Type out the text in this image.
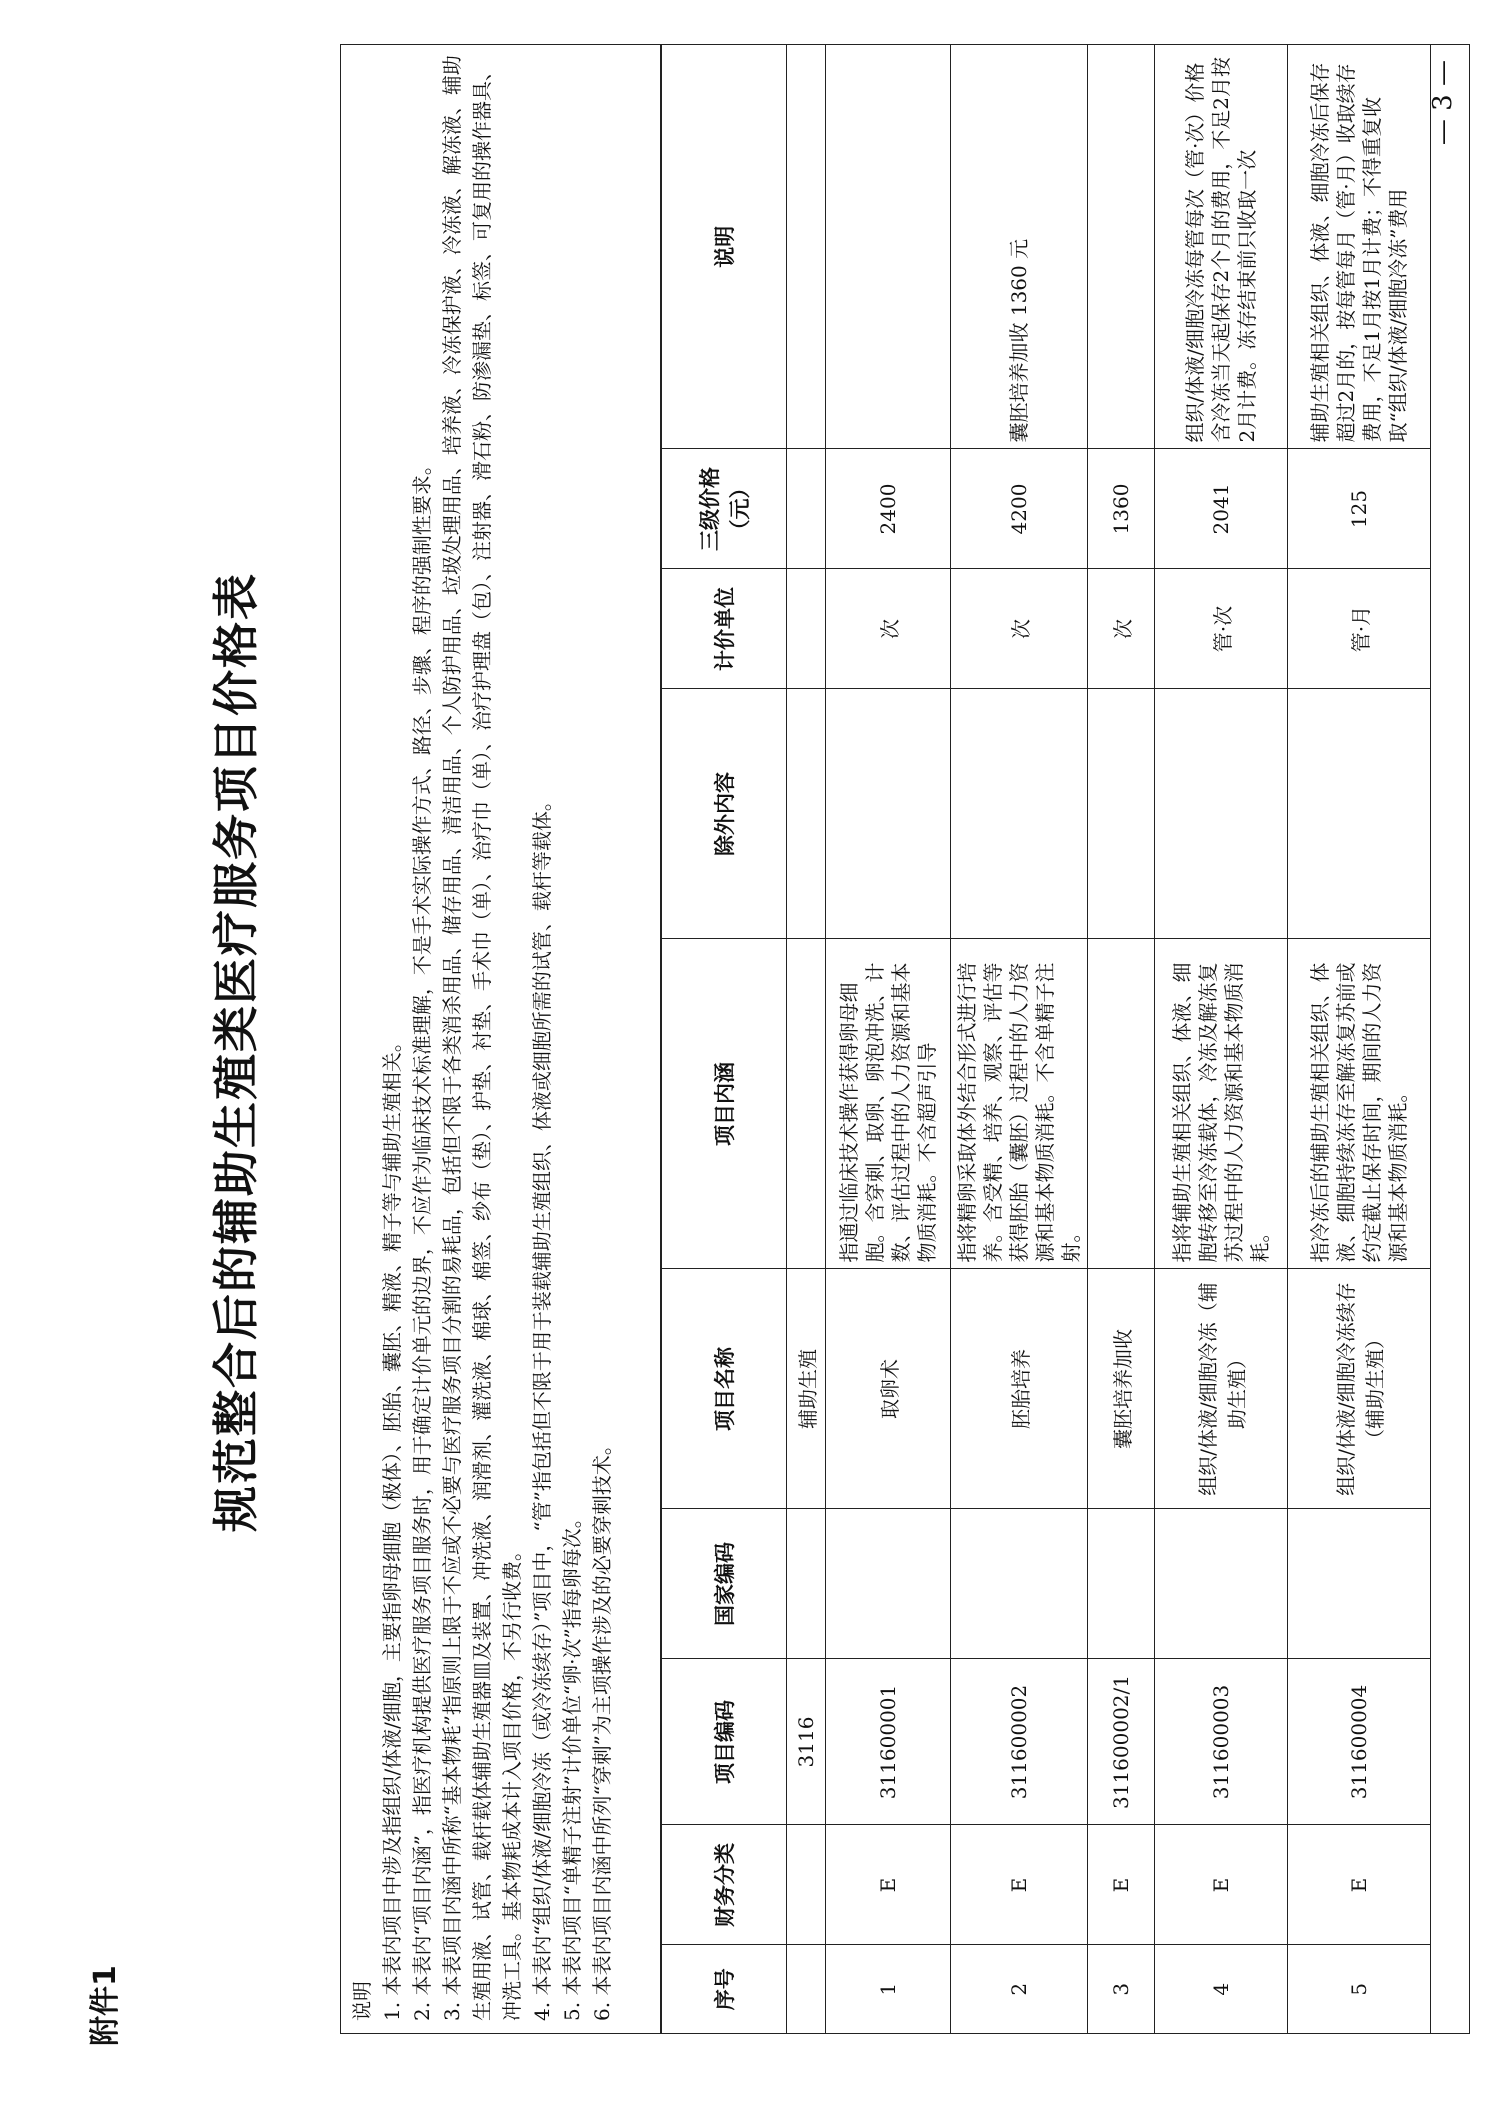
附件1
规范整合后的辅助生殖类医疗服务项目价格表
说明 1. 本表内项目中涉及指组织/体液/细胞，主要指卵母细胞（极体）、胚胎、囊胚、精液、精子等与辅助生殖相关。 2. 本表内“项目内涵”，指医疗机构提供医疗服务项目服务时，用于确定计价单元的边界，不应作为临床技术标准理解，不是手术实际操作方式、路径、步骤、程序的强制性要求。 3. 本表项目内涵中所称“基本物耗”指原则上限于不应或不必要与医疗服务项目分割的易耗品，包括但不限于各类消杀用品、储存用品、清洁用品、个人防护用品、垃圾处理用品、培养液、冷冻保护液、冷冻液、解冻液、辅助生殖用液、试管、载杆载体辅助生殖器皿及装置、冲洗液、润滑剂、灌洗液、棉球、棉签、纱布（垫）、护垫、衬垫、手术巾（单）、治疗巾（单）、治疗护理盘（包）、注射器、滑石粉、防渗漏垫、标签、可复用的操作器具、冲洗工具。基本物耗成本计入项目价格，不另行收费。 4. 本表内“组织/体液/细胞冷冻（或冷冻续存）”项目中，“管”指包括但不限于用于装载辅助生殖组织、体液或细胞所需的试管、载杆等载体。 5. 本表内项目“单精子注射”计价单位“卵·次”指每卵每次。 6. 本表内项目内涵中所列“穿刺”为主项操作涉及的必要穿刺技术。	序号	财务分类	项目编码	国家编码	项目名称	项目内涵	除外内容	计价单位	三级价格（元）	说明
		3116		辅助生殖					
1	E	311600001		取卵术	指通过临床技术操作获得卵母细胞。含穿刺、取卵、卵泡冲洗、计数、评估过程中的人力资源和基本物质消耗。不含超声引导		次	2400	
2	E	311600002		胚胎培养	指将精卵采取体外结合形式进行培养。含受精、培养、观察、评估等获得胚胎（囊胚）过程中的人力资源和基本物质消耗。不含单精子注射。		次	4200	囊胚培养加收 1360 元
3	E	311600002/1		囊胚培养加收			次	1360	
4	E	311600003		组织/体液/细胞冷冻（辅助生殖）	指将辅助生殖相关组织、体液、细胞转移至冷冻载体，冷冻及解冻复苏过程中的人力资源和基本物质消耗。		管·次	2041	组织/体液/细胞冷冻每管每次（管·次）价格含冷冻当天起保存2个月的费用，不足2月按2月计费。冻存结束前只收取一次
5	E	311600004		组织/体液/细胞冷冻续存（辅助生殖）	指冷冻后的辅助生殖相关组织、体液、细胞持续冻存至解冻复苏前或约定截止保存时间，期间的人力资源和基本物质消耗。		管·月	125	辅助生殖相关组织、体液、细胞冷冻后保存超过2月的，按每管每月（管·月）收取续存费用，不足1月按1月计费；不得重复收取“组织/体液/细胞冷冻”费用
— 3 —
